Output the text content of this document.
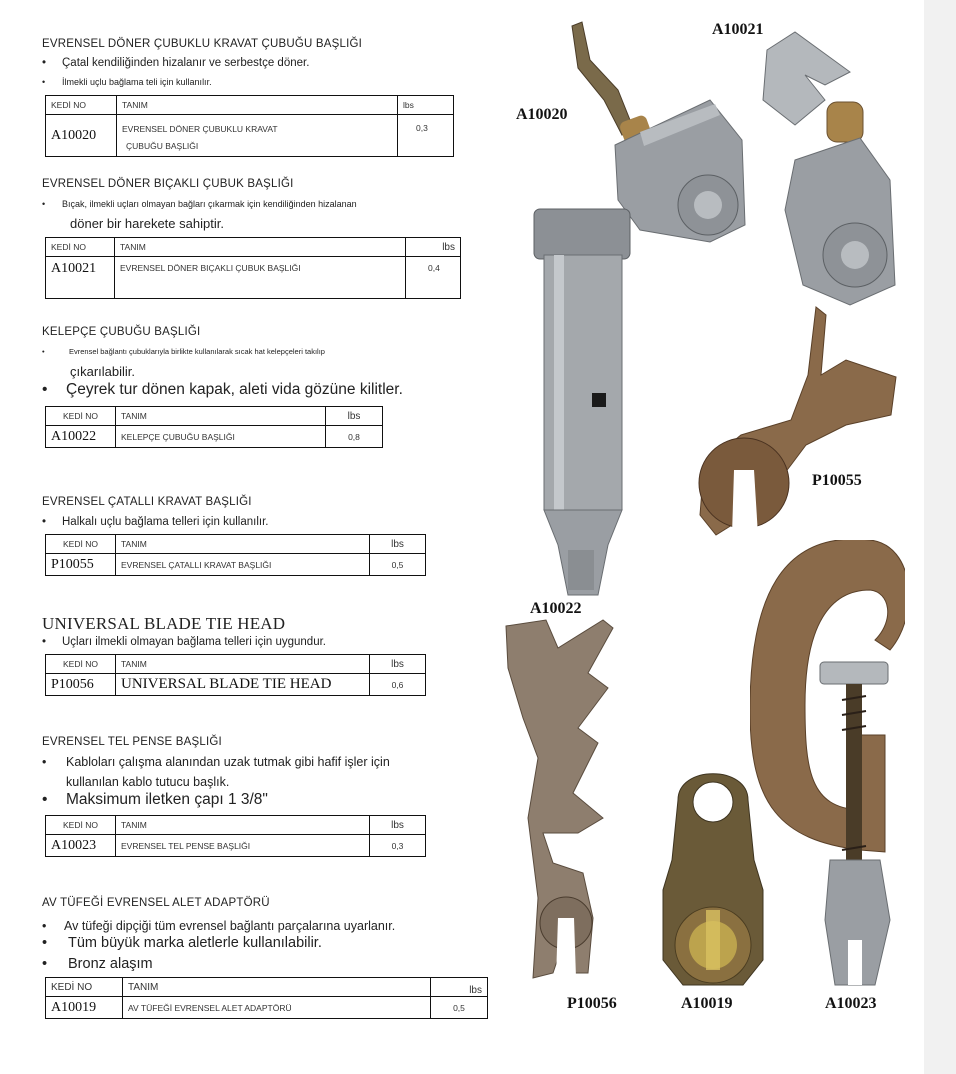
EVRENSEL DÖNER ÇUBUKLU KRAVAT ÇUBUĞU BAŞLIĞI
• Çatal kendiliğinden hizalanır ve serbestçe döner.
• İlmekli uçlu bağlama teli için kullanılır.
KEDİ NO	TANIM	lbs
A10020	EVRENSEL DÖNER ÇUBUKLU KRAVAT
ÇUBUĞU BAŞLIĞI	0,3
EVRENSEL DÖNER BIÇAKLI ÇUBUK BAŞLIĞI
• Bıçak, ilmekli uçları olmayan bağları çıkarmak için kendiliğinden hizalanan
döner bir harekete sahiptir.
KEDİ NO	TANIM	lbs
A10021	EVRENSEL DÖNER BIÇAKLI ÇUBUK BAŞLIĞI	0,4
KELEPÇE ÇUBUĞU BAŞLIĞI
•	Evrensel bağlantı çubuklarıyla birlikte kullanılarak sıcak hat kelepçeleri takılıp
çıkarılabilir.
• Çeyrek tur dönen kapak, aleti vida gözüne kilitler.
KEDİ NO	TANIM	lbs
A10022	KELEPÇE ÇUBUĞU BAŞLIĞI	0,8
EVRENSEL ÇATALLI KRAVAT BAŞLIĞI
• Halkalı uçlu bağlama telleri için kullanılır.
KEDİ NO	TANIM	lbs
P10055	EVRENSEL ÇATALLI KRAVAT BAŞLIĞI	0,5
UNIVERSAL BLADE TIE HEAD
• Uçları ilmekli olmayan bağlama telleri için uygundur.
KEDİ NO	TANIM	lbs
P10056	UNIVERSAL BLADE TIE HEAD	0,6
EVRENSEL TEL PENSE BAŞLIĞI
• Kabloları çalışma alanından uzak tutmak gibi hafif işler için
kullanılan kablo tutucu başlık.
• Maksimum iletken çapı 1 3/8"
KEDİ NO	TANIM	lbs
A10023	EVRENSEL TEL PENSE BAŞLIĞI	0,3
AV TÜFEĞİ EVRENSEL ALET ADAPTÖRÜ
• Av tüfeği dipçiği tüm evrensel bağlantı parçalarına uyarlanır.
• Tüm büyük marka aletlerle kullanılabilir.
• Bronz alaşım
KEDİ NO	TANIM	lbs
A10019	AV TÜFEĞİ EVRENSEL ALET ADAPTÖRÜ	0,5
A10020
A10021
P10055
A10022
P10056	A10019	A10023
